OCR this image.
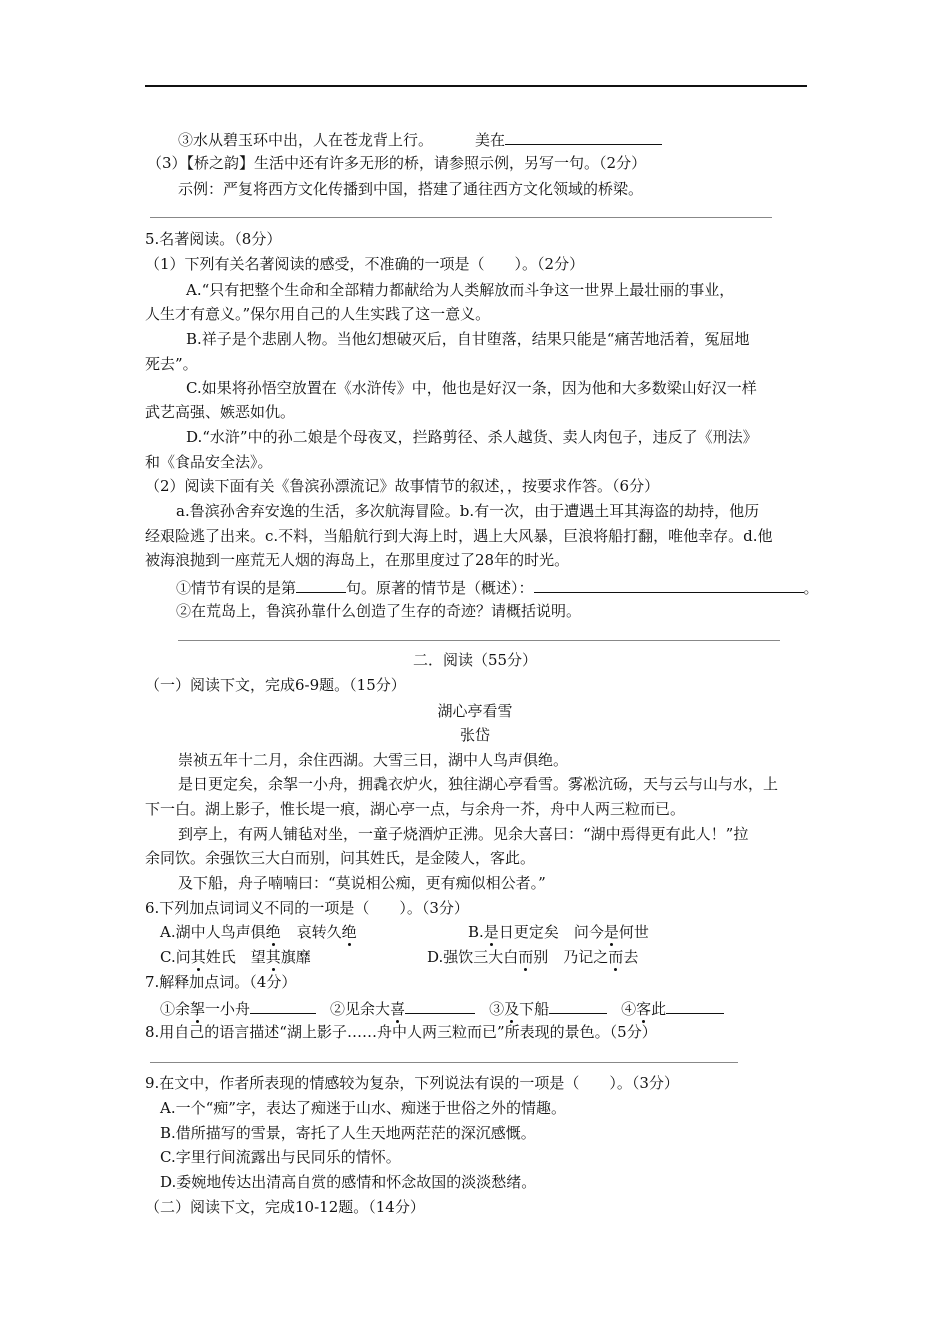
③水从碧玉环中出，人在苍龙背上行。	美在
（3）【桥之韵】生活中还有许多无形的桥，请参照示例，另写一句。（2分）
示例：严复将西方文化传播到中国，搭建了通往西方文化领域的桥梁。
5.名著阅读。（8分）
（1）下列有关名著阅读的感受，不准确的一项是（　　）。（2分）
A.“只有把整个生命和全部精力都献给为人类解放而斗争这一世界上最壮丽的事业，
人生才有意义。”保尔用自己的人生实践了这一意义。
B.祥子是个悲剧人物。当他幻想破灭后，自甘堕落，结果只能是“痛苦地活着，冤屈地
死去”。
C.如果将孙悟空放置在《水浒传》中，他也是好汉一条，因为他和大多数梁山好汉一样
武艺高强、嫉恶如仇。
D.“水浒”中的孙二娘是个母夜叉，拦路剪径、杀人越货、卖人肉包子，违反了《刑法》
和《食品安全法》。
（2）阅读下面有关《鲁滨孙漂流记》故事情节的叙述，，按要求作答。（6分）
a.鲁滨孙舍弃安逸的生活，多次航海冒险。b.有一次，由于遭遇土耳其海盗的劫持，他历
经艰险逃了出来。c.不料，当船航行到大海上时，遇上大风暴，巨浪将船打翻，唯他幸存。d.他
被海浪抛到一座荒无人烟的海岛上，在那里度过了28年的时光。
①情节有误的是第	句。原著的情节是（概述）：	。
②在荒岛上，鲁滨孙靠什么创造了生存的奇迹？请概括说明。
二．阅读（55分）
（一）阅读下文，完成6-9题。（15分）
湖心亭看雪
张岱
崇祯五年十二月，余住西湖。大雪三日，湖中人鸟声俱绝。
是日更定矣，余挐一小舟，拥毳衣炉火，独往湖心亭看雪。雾凇沆砀，天与云与山与水，上
下一白。湖上影子，惟长堤一痕，湖心亭一点，与余舟一芥，舟中人两三粒而已。
到亭上，有两人铺毡对坐，一童子烧酒炉正沸。见余大喜曰：“湖中焉得更有此人！”拉
余同饮。余强饮三大白而别，问其姓氏，是金陵人，客此。
及下船，舟子喃喃曰：“莫说相公痴，更有痴似相公者。”
6.下列加点词词义不同的一项是（　　）。（3分）
A.湖中人鸟声俱绝 哀转久绝	B.是日更定矣　问今是何世
C.问其姓氏　望其旗靡	D.强饮三大白而别　乃记之而去
7.解释加点词。（4分）
①余挐一小舟	②见余大喜	③及下船	④客此
8.用自己的语言描述“湖上影子……舟中人两三粒而已”所表现的景色。（5分）
9.在文中，作者所表现的情感较为复杂，下列说法有误的一项是（　　）。（3分）
A.一个“痴”字，表达了痴迷于山水、痴迷于世俗之外的情趣。
B.借所描写的雪景，寄托了人生天地两茫茫的深沉感慨。
C.字里行间流露出与民同乐的情怀。
D.委婉地传达出清高自赏的感情和怀念故国的淡淡愁绪。
（二）阅读下文，完成10-12题。（14分）
